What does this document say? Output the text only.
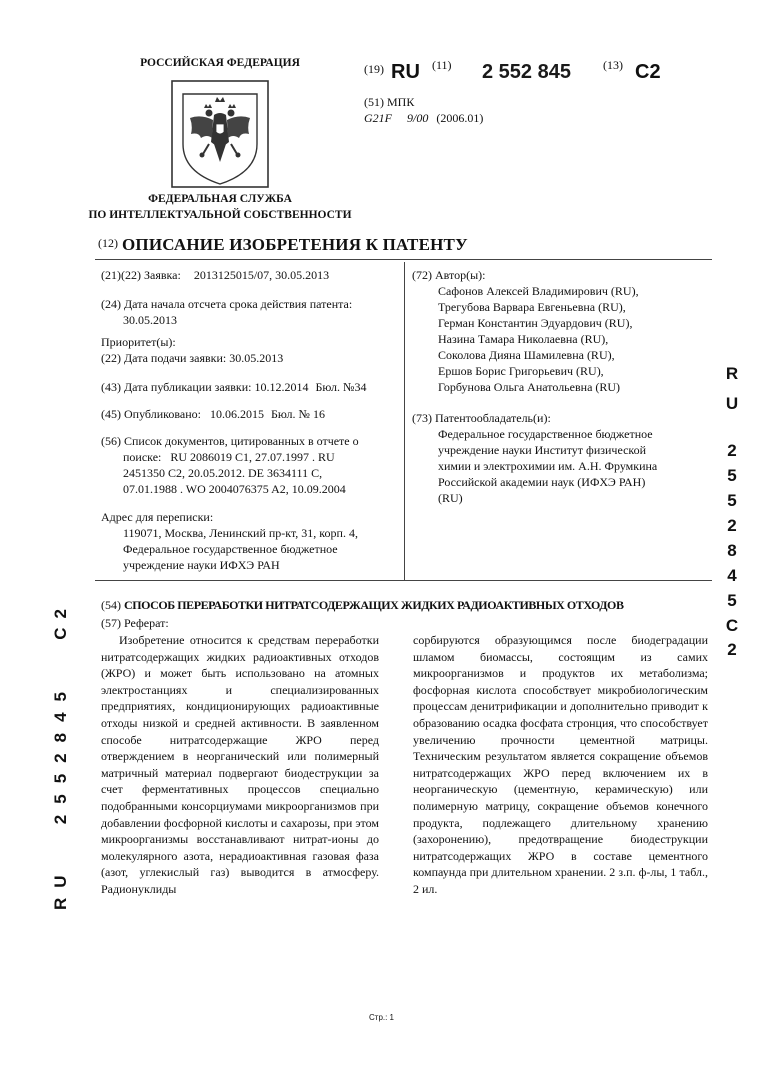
РОССИЙСКАЯ ФЕДЕРАЦИЯ
ФЕДЕРАЛЬНАЯ СЛУЖБА
ПО ИНТЕЛЛЕКТУАЛЬНОЙ СОБСТВЕННОСТИ
(19) RU (11) 2 552 845	(13) C2
(51) МПК
G21F 9/00 (2006.01)
$^{(12)}$ ОПИСАНИЕ ИЗОБРЕТЕНИЯ К ПАТЕНТУ
(21)(22) Заявка: 2013125015/07, 30.05.2013
(24) Дата начала отсчета срока действия патента:
30.05.2013
Приоритет(ы):
(22) Дата подачи заявки: 30.05.2013
(43) Дата публикации заявки: 10.12.2014 Бюл. №34
(45) Опубликовано: 10.06.2015 Бюл. № 16
(56) Список документов, цитированных в отчете о
поиске: RU 2086019 C1, 27.07.1997 . RU
2451350 C2, 20.05.2012. DE 3634111 C,
07.01.1988 . WO 2004076375 A2, 10.09.2004
Адрес для переписки:
119071, Москва, Ленинский пр-кт, 31, корп. 4,
Федеральное государственное бюджетное
учреждение науки ИФХЭ РАН
(72) Автор(ы):
Сафонов Алексей Владимирович (RU),
Трегубова Варвара Евгеньевна (RU),
Герман Константин Эдуардович (RU),
Назина Тамара Николаевна (RU),
Соколова Дияна Шамилевна (RU),
Ершов Борис Григорьевич (RU),
Горбунова Ольга Анатольевна (RU)
(73) Патентообладатель(и):
Федеральное государственное бюджетное
учреждение науки Институт физической
химии и электрохимии им. А.Н. Фрумкина
Российской академии наук (ИФХЭ РАН)
(RU)
(54) СПОСОБ ПЕРЕРАБОТКИ НИТРАТСОДЕРЖАЩИХ ЖИДКИХ РАДИОАКТИВНЫХ ОТХОДОВ
(57) Реферат:

Изобретение относится к средствам переработки нитратсодержащих жидких радиоактивных отходов (ЖРО) и может быть использовано на атомных электростанциях и специализированных предприятиях, кондиционирующих радиоактивные отходы низкой и средней активности. В заявленном способе нитратсодержащие ЖРО перед отверждением в неорганический или полимерный матричный материал подвергают биодеструкции за счет ферментативных процессов специально подобранными консорциумами микроорганизмов при добавлении фосфорной кислоты и сахарозы, при этом микроорганизмы восстанавливают нитрат-ионы до молекулярного азота, нерадиоактивная газовая фаза (азот, углекислый газ) выводится в атмосферу. Радионуклиды

сорбируются образующимся после биодеградации шламом биомассы, состоящим из самих микроорганизмов и продуктов их метаболизма; фосфорная кислота способствует микробиологическим процессам денитрификации и дополнительно приводит к образованию осадка фосфата стронция, что способствует увеличению прочности цементной матрицы. Техническим результатом является сокращение объемов нитратсодержащих ЖРО перед включением их в неорганическую (цементную, керамическую) или полимерную матрицу, сокращение объемов конечного продукта, подлежащего длительному хранению (захоронению), предотвращение биодеструкции нитратсодержащих ЖРО в составе цементного компаунда при длительном хранении. 2 з.п. ф-лы, 1 табл., 2 ил.

R
U
2
5
5
2
8
4
5
C
2
RU
2552845
C2
Стр.: 1
